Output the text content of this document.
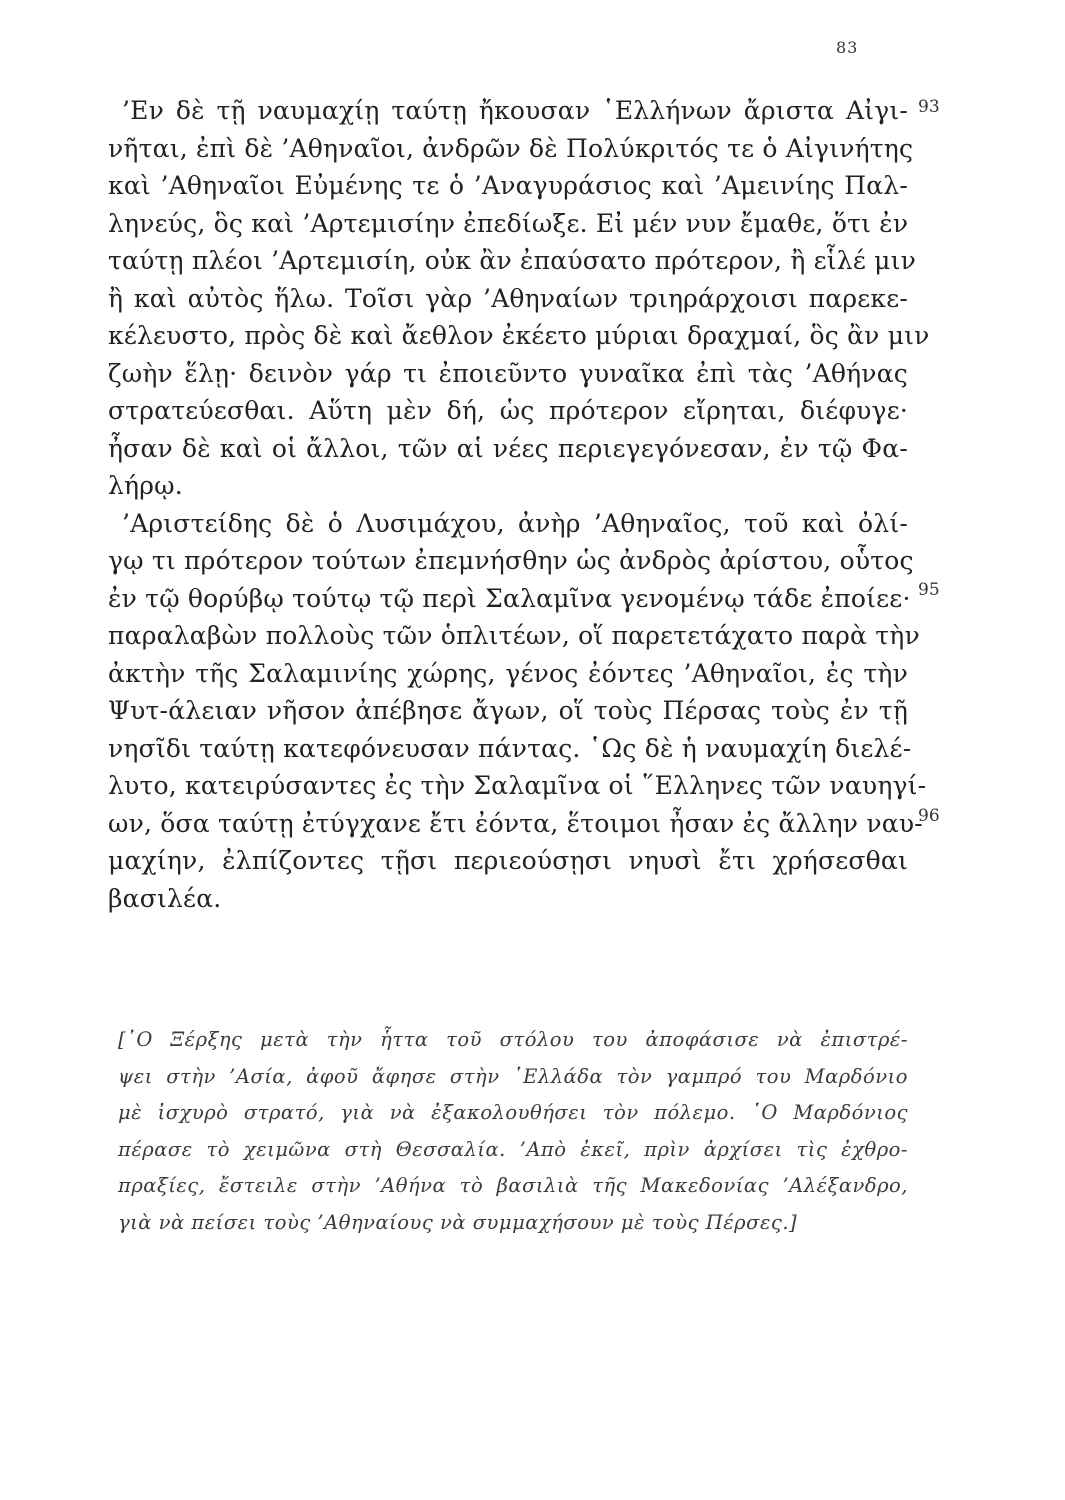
83
93
95
96
’Εν δὲ τῇ ναυμαχίῃ ταύτῃ ἤκουσαν ῾Ελλήνων ἄριστα Αἰγι-
νῆται, ἐπὶ δὲ ’Αθηναῖοι, ἀνδρῶν δὲ Πολύκριτός τε ὁ Αἰγινήτης
καὶ ’Αθηναῖοι Εὐμένης τε ὁ ’Αναγυράσιος καὶ ’Αμεινίης Παλ-
ληνεύς, ὃς καὶ ’Αρτεμισίην ἐπεδίωξε. Εἰ μέν νυν ἔμαθε, ὅτι ἐν
ταύτῃ πλέοι ’Αρτεμισίη, οὐκ ἂν ἐπαύσατο πρότερον, ἢ εἷλέ μιν
ἢ καὶ αὐτὸς ἥλω. Τοῖσι γὰρ ’Αθηναίων τριηράρχοισι παρεκε-
κέλευστο, πρὸς δὲ καὶ ἄεθλον ἐκέετο μύριαι δραχμαί, ὃς ἂν μιν
ζωὴν ἕλῃ· δεινὸν γάρ τι ἐποιεῦντο γυναῖκα ἐπὶ τὰς ’Αθήνας
στρατεύεσθαι. Αὕτη μὲν δή, ὡς πρότερον εἴρηται, διέφυγε·
ἦσαν δὲ καὶ οἱ ἄλλοι, τῶν αἱ νέες περιεγεγόνεσαν, ἐν τῷ Φα-
λήρῳ.
’Αριστείδης δὲ ὁ Λυσιμάχου, ἀνὴρ ’Αθηναῖος, τοῦ καὶ ὀλί-
γῳ τι πρότερον τούτων ἐπεμνήσθην ὡς ἀνδρὸς ἀρίστου, οὗτος
ἐν τῷ θορύβῳ τούτῳ τῷ περὶ Σαλαμῖνα γενομένῳ τάδε ἐποίεε·
παραλαβὼν πολλοὺς τῶν ὁπλιτέων, οἵ παρετετάχατο παρὰ τὴν
ἀκτὴν τῆς Σαλαμινίης χώρης, γένος ἐόντες ’Αθηναῖοι, ἐς τὴν
Ψυτ-άλειαν νῆσον ἀπέβησε ἄγων, οἵ τοὺς Πέρσας τοὺς ἐν τῇ
νησῖδι ταύτῃ κατεφόνευσαν πάντας. ῾Ως δὲ ἡ ναυμαχίη διελέ-
λυτο, κατειρύσαντες ἐς τὴν Σαλαμῖνα οἱ ῞Ελληνες τῶν ναυηγί-
ων, ὅσα ταύτῃ ἐτύγχανε ἔτι ἐόντα, ἕτοιμοι ἦσαν ἐς ἄλλην ναυ-
μαχίην, ἐλπίζοντες τῇσι περιεούσῃσι νηυσὶ ἔτι χρήσεσθαι
βασιλέα.
[῾Ο Ξέρξης μετὰ τὴν ἧττα τοῦ στόλου του ἀποφάσισε νὰ ἐπιστρέ-
ψει στὴν ’Ασία, ἀφοῦ ἄφησε στὴν ῾Ελλάδα τὸν γαμπρό του Μαρδόνιο
μὲ ἰσχυρὸ στρατό, γιὰ νὰ ἐξακολουθήσει τὸν πόλεμο. ῾Ο Μαρδόνιος
πέρασε τὸ χειμῶνα στὴ Θεσσαλία. ’Απὸ ἐκεῖ, πρὶν ἀρχίσει τὶς ἐχθρο-
πραξίες, ἔστειλε στὴν ’Αθήνα τὸ βασιλιὰ τῆς Μακεδονίας ’Αλέξανδρο,
γιὰ νὰ πείσει τοὺς ’Αθηναίους νὰ συμμαχήσουν μὲ τοὺς Πέρσες.]
